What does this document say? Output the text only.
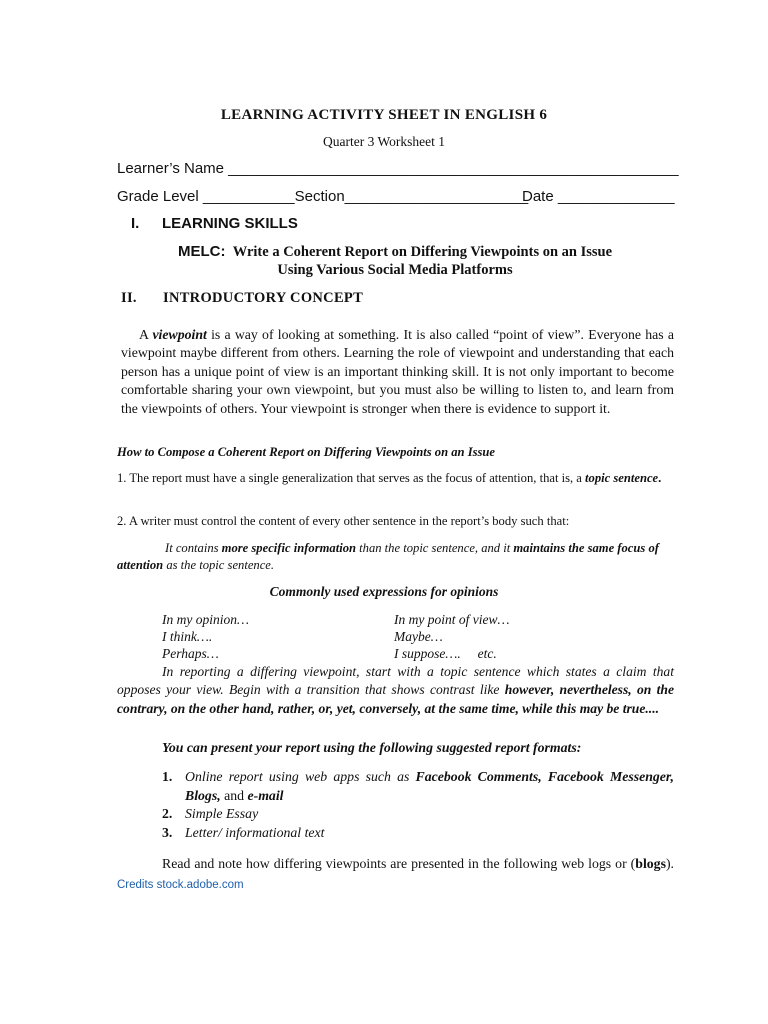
LEARNING ACTIVITY SHEET IN ENGLISH 6
Quarter 3 Worksheet 1
Learner’s Name ______________________________________________________
Grade Level ___________Section______________________
Date ______________
I. LEARNING SKILLS
MELC: Write a Coherent Report on Differing Viewpoints on an Issue
Using Various Social Media Platforms
II. INTRODUCTORY CONCEPT
A viewpoint is a way of looking at something. It is also called “point of view”. Everyone has a viewpoint maybe different from others. Learning the role of viewpoint and understanding that each person has a unique point of view is an important thinking skill. It is not only important to become comfortable sharing your own viewpoint, but you must also be willing to listen to, and learn from the viewpoints of others. Your viewpoint is stronger when there is evidence to support it.
How to Compose a Coherent Report on Differing Viewpoints on an Issue
1. The report must have a single generalization that serves as the focus of attention, that is, a topic sentence.
2. A writer must control the content of every other sentence in the report’s body such that:
It contains more specific information than the topic sentence, and it maintains the same focus of attention as the topic sentence.
Commonly used expressions for opinions
In my opinion…
I think….
Perhaps…
In my point of view…
Maybe…
I suppose….     etc.
In reporting a differing viewpoint, start with a topic sentence which states a claim that opposes your view. Begin with a transition that shows contrast like however, nevertheless, on the contrary, on the other hand, rather, or, yet, conversely, at the same time, while this may be true....
You can present your report using the following suggested report formats:
1. Online report using web apps such as Facebook Comments, Facebook Messenger, Blogs, and e-mail
2. Simple Essay
3. Letter/ informational text
Read and note how differing viewpoints are presented in the following web logs or (blogs). Credits stock.adobe.com
